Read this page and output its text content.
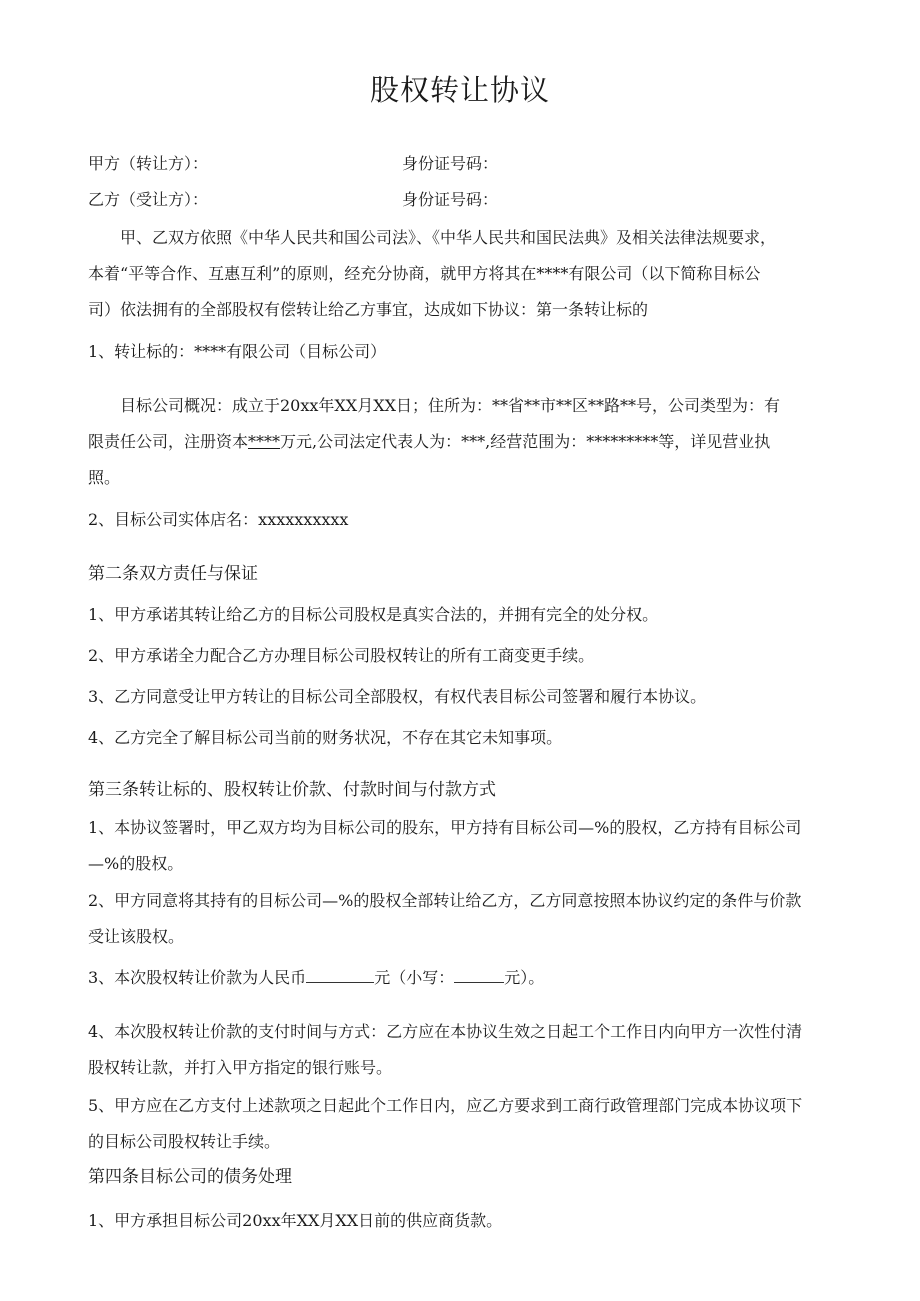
股权转让协议

甲方（转让方）：	身份证号码：

乙方（受让方）：	身份证号码：

甲、乙双方依照《中华人民共和国公司法》、《中华人民共和国民法典》及相关法律法规要求，

本着“平等合作、互惠互利”的原则，经充分协商，就甲方将其在****有限公司（以下简称目标公

司）依法拥有的全部股权有偿转让给乙方事宜，达成如下协议：第一条转让标的

1、转让标的：****有限公司（目标公司）

目标公司概况：成立于20xx年XX月XX日；住所为：**省**市**区**路**号，公司类型为：有

限责任公司，注册资本****万元,公司法定代表人为：***,经营范围为：*********等，详见营业执

照。

2、目标公司实体店名：xxxxxxxxxx

第二条双方责任与保证

1、甲方承诺其转让给乙方的目标公司股权是真实合法的，并拥有完全的处分权。

2、甲方承诺全力配合乙方办理目标公司股权转让的所有工商变更手续。

3、乙方同意受让甲方转让的目标公司全部股权，有权代表目标公司签署和履行本协议。

4、乙方完全了解目标公司当前的财务状况，不存在其它未知事项。

第三条转让标的、股权转让价款、付款时间与付款方式

1、本协议签署时，甲乙双方均为目标公司的股东，甲方持有目标公司—%的股权，乙方持有目标公司

—%的股权。

2、甲方同意将其持有的目标公司—%的股权全部转让给乙方，乙方同意按照本协议约定的条件与价款

受让该股权。

3、本次股权转让价款为人民币	元（小写：	元）。

4、本次股权转让价款的支付时间与方式：乙方应在本协议生效之日起工个工作日内向甲方一次性付清

股权转让款，并打入甲方指定的银行账号。

5、甲方应在乙方支付上述款项之日起此个工作日内，应乙方要求到工商行政管理部门完成本协议项下

的目标公司股权转让手续。

第四条目标公司的债务处理

1、甲方承担目标公司20xx年XX月XX日前的供应商货款。
